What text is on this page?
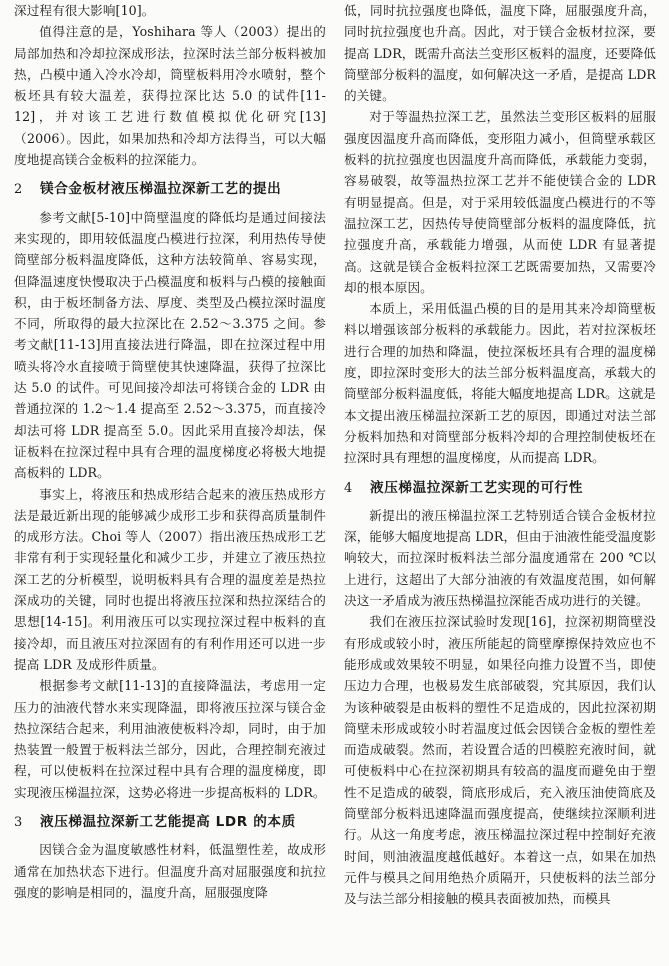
深过程有很大影响[10]。

值得注意的是，Yoshihara 等人（2003）提出的局部加热和冷却拉深成形法，拉深时法兰部分板料被加热，凸模中通入冷水冷却，筒壁板料用冷水喷射，整个板坯具有较大温差，获得拉深比达 5.0 的试件[11-12]，并对该工艺进行数值模拟优化研究[13]（2006）。因此，如果加热和冷却方法得当，可以大幅度地提高镁合金板料的拉深能力。

2 镁合金板材液压梯温拉深新工艺的提出

参考文献[5-10]中筒壁温度的降低均是通过间接法来实现的，即用较低温度凸模进行拉深，利用热传导使筒壁部分板料温度降低，这种方法较简单、容易实现，但降温速度快慢取决于凸模温度和板料与凸模的接触面积，由于板坯制备方法、厚度、类型及凸模拉深时温度不同，所取得的最大拉深比在 2.52～3.375 之间。参考文献[11-13]用直接法进行降温，即在拉深过程中用喷头将冷水直接喷于筒壁使其快速降温，获得了拉深比达 5.0 的试件。可见间接冷却法可将镁合金的 LDR 由普通拉深的 1.2～1.4 提高至 2.52～3.375，而直接冷却法可将 LDR 提高至 5.0。因此采用直接冷却法，保证板料在拉深过程中具有合理的温度梯度必将极大地提高板料的 LDR。

事实上，将液压和热成形结合起来的液压热成形方法是最近新出现的能够减少成形工步和获得高质量制件的成形方法。Choi 等人（2007）指出液压热成形工艺非常有利于实现轻量化和减少工步，并建立了液压热拉深工艺的分析模型，说明板料具有合理的温度差是热拉深成功的关键，同时也提出将液压拉深和热拉深结合的思想[14-15]。利用液压可以实现拉深过程中板料的直接冷却，而且液压对拉深固有的有利作用还可以进一步提高 LDR 及成形件质量。

根据参考文献[11-13]的直接降温法，考虑用一定压力的油液代替水来实现降温，即将液压拉深与镁合金热拉深结合起来，利用油液使板料冷却，同时，由于加热装置一般置于板料法兰部分，因此，合理控制充液过程，可以使板料在拉深过程中具有合理的温度梯度，即实现液压梯温拉深，这势必将进一步提高板料的 LDR。

3 液压梯温拉深新工艺能提高 LDR 的本质

因镁合金为温度敏感性材料，低温塑性差，故成形通常在加热状态下进行。但温度升高对屈服强度和抗拉强度的影响是相同的，温度升高，屈服强度降

低，同时抗拉强度也降低，温度下降，屈服强度升高，同时抗拉强度也升高。因此，对于镁合金板材拉深，要提高 LDR，既需升高法兰变形区板料的温度，还要降低筒壁部分板料的温度，如何解决这一矛盾，是提高 LDR 的关键。

对于等温热拉深工艺，虽然法兰变形区板料的屈服强度因温度升高而降低，变形阻力减小，但筒壁承载区板料的抗拉强度也因温度升高而降低，承载能力变弱，容易破裂，故等温热拉深工艺并不能使镁合金的 LDR 有明显提高。但是，对于采用较低温度凸模进行的不等温拉深工艺，因热传导使筒壁部分板料的温度降低，抗拉强度升高，承载能力增强，从而使 LDR 有显著提高。这就是镁合金板料拉深工艺既需要加热，又需要冷却的根本原因。

本质上，采用低温凸模的目的是用其来冷却筒壁板料以增强该部分板料的承载能力。因此，若对拉深板坯进行合理的加热和降温，使拉深板坯具有合理的温度梯度，即拉深时变形大的法兰部分板料温度高，承载大的筒壁部分板料温度低，将能大幅度地提高 LDR。这就是本文提出液压梯温拉深新工艺的原因，即通过对法兰部分板料加热和对筒壁部分板料冷却的合理控制使板坯在拉深时具有理想的温度梯度，从而提高 LDR。

4 液压梯温拉深新工艺实现的可行性

新提出的液压梯温拉深工艺特别适合镁合金板材拉深，能够大幅度地提高 LDR，但由于油液性能受温度影响较大，而拉深时板料法兰部分温度通常在 200 ℃以上进行，这超出了大部分油液的有效温度范围，如何解决这一矛盾成为液压热梯温拉深能否成功进行的关键。

我们在液压拉深试验时发现[16]，拉深初期筒壁没有形成或较小时，液压所能起的筒壁摩擦保持效应也不能形成或效果较不明显，如果径向推力设置不当，即使压边力合理，也极易发生底部破裂，究其原因，我们认为该种破裂是由板料的塑性不足造成的，因此拉深初期筒壁未形成或较小时若温度过低会因镁合金板的塑性差而造成破裂。然而，若设置合适的凹模腔充液时间，就可使板料中心在拉深初期具有较高的温度而避免由于塑性不足造成的破裂，筒底形成后，充入液压油使筒底及筒壁部分板料迅速降温而强度提高，使继续拉深顺利进行。从这一角度考虑，液压梯温拉深过程中控制好充液时间，则油液温度越低越好。本着这一点，如果在加热元件与模具之间用绝热介质隔开，只使板料的法兰部分及与法兰部分相接触的模具表面被加热，而模具
